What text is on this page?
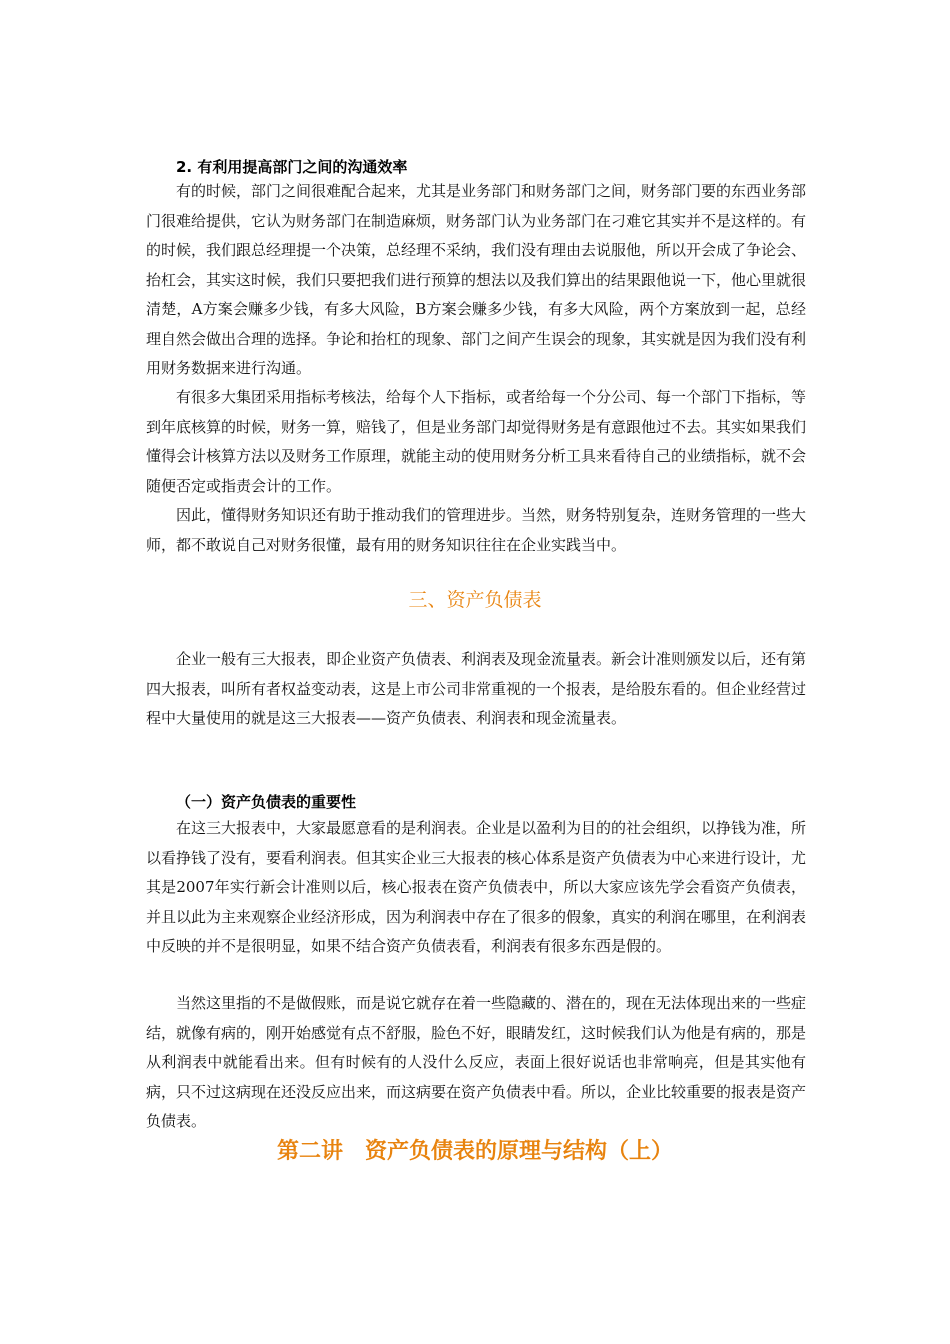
2. 有利用提高部门之间的沟通效率

有的时候，部门之间很难配合起来，尤其是业务部门和财务部门之间，财务部门要的东西业务部门很难给提供，它认为财务部门在制造麻烦，财务部门认为业务部门在刁难它其实并不是这样的。有的时候，我们跟总经理提一个决策，总经理不采纳，我们没有理由去说服他，所以开会成了争论会、抬杠会，其实这时候，我们只要把我们进行预算的想法以及我们算出的结果跟他说一下，他心里就很清楚，A方案会赚多少钱，有多大风险，B方案会赚多少钱，有多大风险，两个方案放到一起，总经理自然会做出合理的选择。争论和抬杠的现象、部门之间产生误会的现象，其实就是因为我们没有利用财务数据来进行沟通。

有很多大集团采用指标考核法，给每个人下指标，或者给每一个分公司、每一个部门下指标，等到年底核算的时候，财务一算，赔钱了，但是业务部门却觉得财务是有意跟他过不去。其实如果我们懂得会计核算方法以及财务工作原理，就能主动的使用财务分析工具来看待自己的业绩指标，就不会随便否定或指责会计的工作。

因此，懂得财务知识还有助于推动我们的管理进步。当然，财务特别复杂，连财务管理的一些大师，都不敢说自己对财务很懂，最有用的财务知识往往在企业实践当中。

三、资产负债表

企业一般有三大报表，即企业资产负债表、利润表及现金流量表。新会计准则颁发以后，还有第四大报表，叫所有者权益变动表，这是上市公司非常重视的一个报表，是给股东看的。但企业经营过程中大量使用的就是这三大报表——资产负债表、利润表和现金流量表。

（一）资产负债表的重要性

在这三大报表中，大家最愿意看的是利润表。企业是以盈利为目的的社会组织，以挣钱为准，所以看挣钱了没有，要看利润表。但其实企业三大报表的核心体系是资产负债表为中心来进行设计，尤其是2007年实行新会计准则以后，核心报表在资产负债表中，所以大家应该先学会看资产负债表，并且以此为主来观察企业经济形成，因为利润表中存在了很多的假象，真实的利润在哪里，在利润表中反映的并不是很明显，如果不结合资产负债表看，利润表有很多东西是假的。

当然这里指的不是做假账，而是说它就存在着一些隐藏的、潜在的，现在无法体现出来的一些症结，就像有病的，刚开始感觉有点不舒服，脸色不好，眼睛发红，这时候我们认为他是有病的，那是从利润表中就能看出来。但有时候有的人没什么反应，表面上很好说话也非常响亮，但是其实他有病，只不过这病现在还没反应出来，而这病要在资产负债表中看。所以，企业比较重要的报表是资产负债表。

第二讲　资产负债表的原理与结构（上）
